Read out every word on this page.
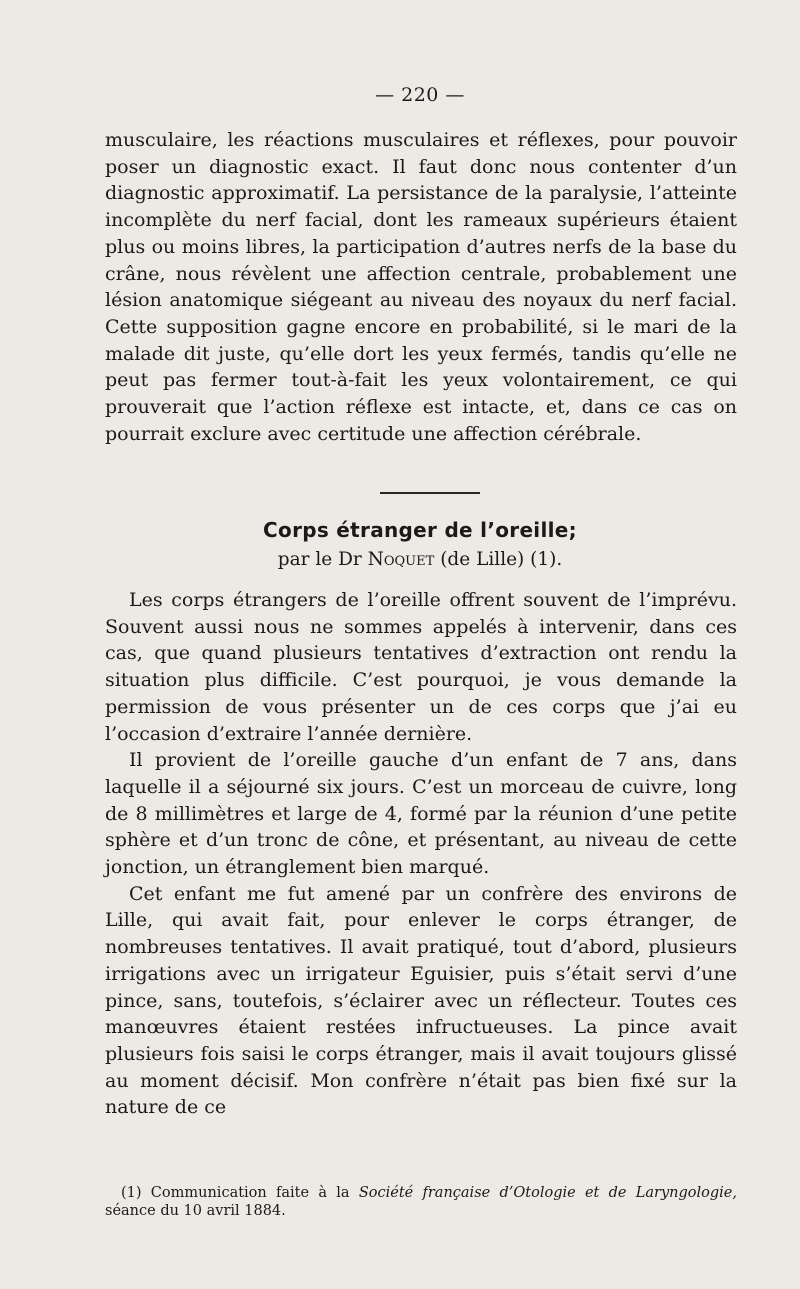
— 220 —

musculaire, les réactions musculaires et réflexes, pour pouvoir poser un diagnostic exact. Il faut donc nous contenter d’un diagnostic approximatif. La persistance de la paralysie, l’atteinte incomplète du nerf facial, dont les rameaux supérieurs étaient plus ou moins libres, la participation d’autres nerfs de la base du crâne, nous révèlent une affection centrale, probablement une lésion anatomique siégeant au niveau des noyaux du nerf facial. Cette supposition gagne encore en probabilité, si le mari de la malade dit juste, qu’elle dort les yeux fermés, tandis qu’elle ne peut pas fermer tout-à-fait les yeux volontairement, ce qui prouverait que l’action réflexe est intacte, et, dans ce cas on pourrait exclure avec certitude une affection cérébrale.

Corps étranger de l’oreille;
par le Dr Noquet (de Lille) (1).

Les corps étrangers de l’oreille offrent souvent de l’imprévu. Souvent aussi nous ne sommes appelés à intervenir, dans ces cas, que quand plusieurs tentatives d’extraction ont rendu la situation plus difficile. C’est pourquoi, je vous demande la permission de vous présenter un de ces corps que j’ai eu l’occasion d’extraire l’année dernière.

Il provient de l’oreille gauche d’un enfant de 7 ans, dans laquelle il a séjourné six jours. C’est un morceau de cuivre, long de 8 millimètres et large de 4, formé par la réunion d’une petite sphère et d’un tronc de cône, et présentant, au niveau de cette jonction, un étranglement bien marqué.

Cet enfant me fut amené par un confrère des environs de Lille, qui avait fait, pour enlever le corps étranger, de nombreuses tentatives. Il avait pratiqué, tout d’abord, plusieurs irrigations avec un irrigateur Eguisier, puis s’était servi d’une pince, sans, toutefois, s’éclairer avec un réflecteur. Toutes ces manœuvres étaient restées infructueuses. La pince avait plusieurs fois saisi le corps étranger, mais il avait toujours glissé au moment décisif. Mon confrère n’était pas bien fixé sur la nature de ce

(1) Communication faite à la Société française d’Otologie et de Laryngologie, séance du 10 avril 1884.
